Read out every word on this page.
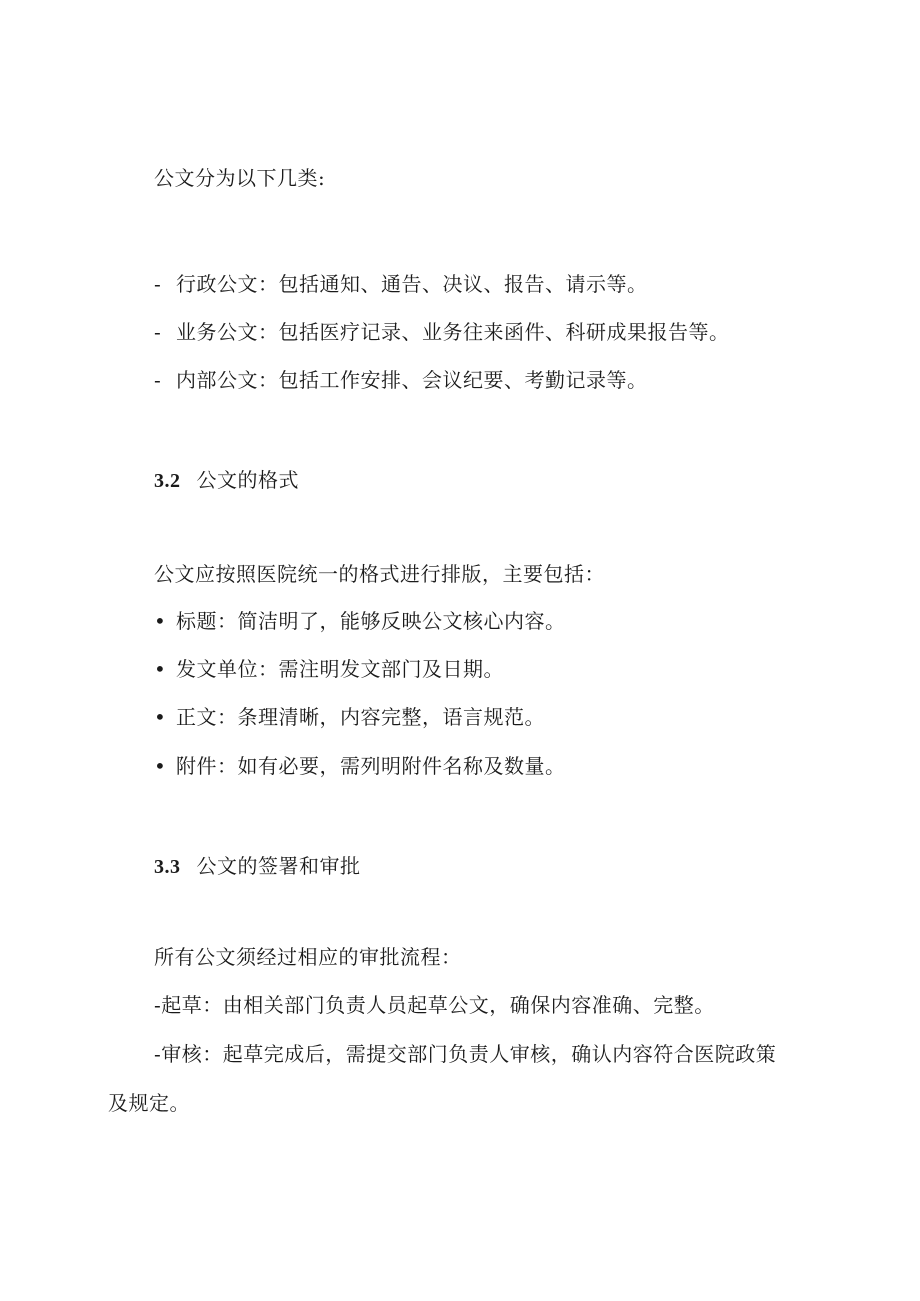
公文分为以下几类:
- 行政公文：包括通知、通告、决议、报告、请示等。
- 业务公文：包括医疗记录、业务往来函件、科研成果报告等。
- 内部公文：包括工作安排、会议纪要、考勤记录等。
3.2 公文的格式
公文应按照医院统一的格式进行排版，主要包括：
• 标题：简洁明了，能够反映公文核心内容。
• 发文单位：需注明发文部门及日期。
• 正文：条理清晰，内容完整，语言规范。
• 附件：如有必要，需列明附件名称及数量。
3.3 公文的签署和审批
所有公文须经过相应的审批流程：
-起草：由相关部门负责人员起草公文，确保内容准确、完整。
-审核：起草完成后，需提交部门负责人审核，确认内容符合医院政策
及规定。
